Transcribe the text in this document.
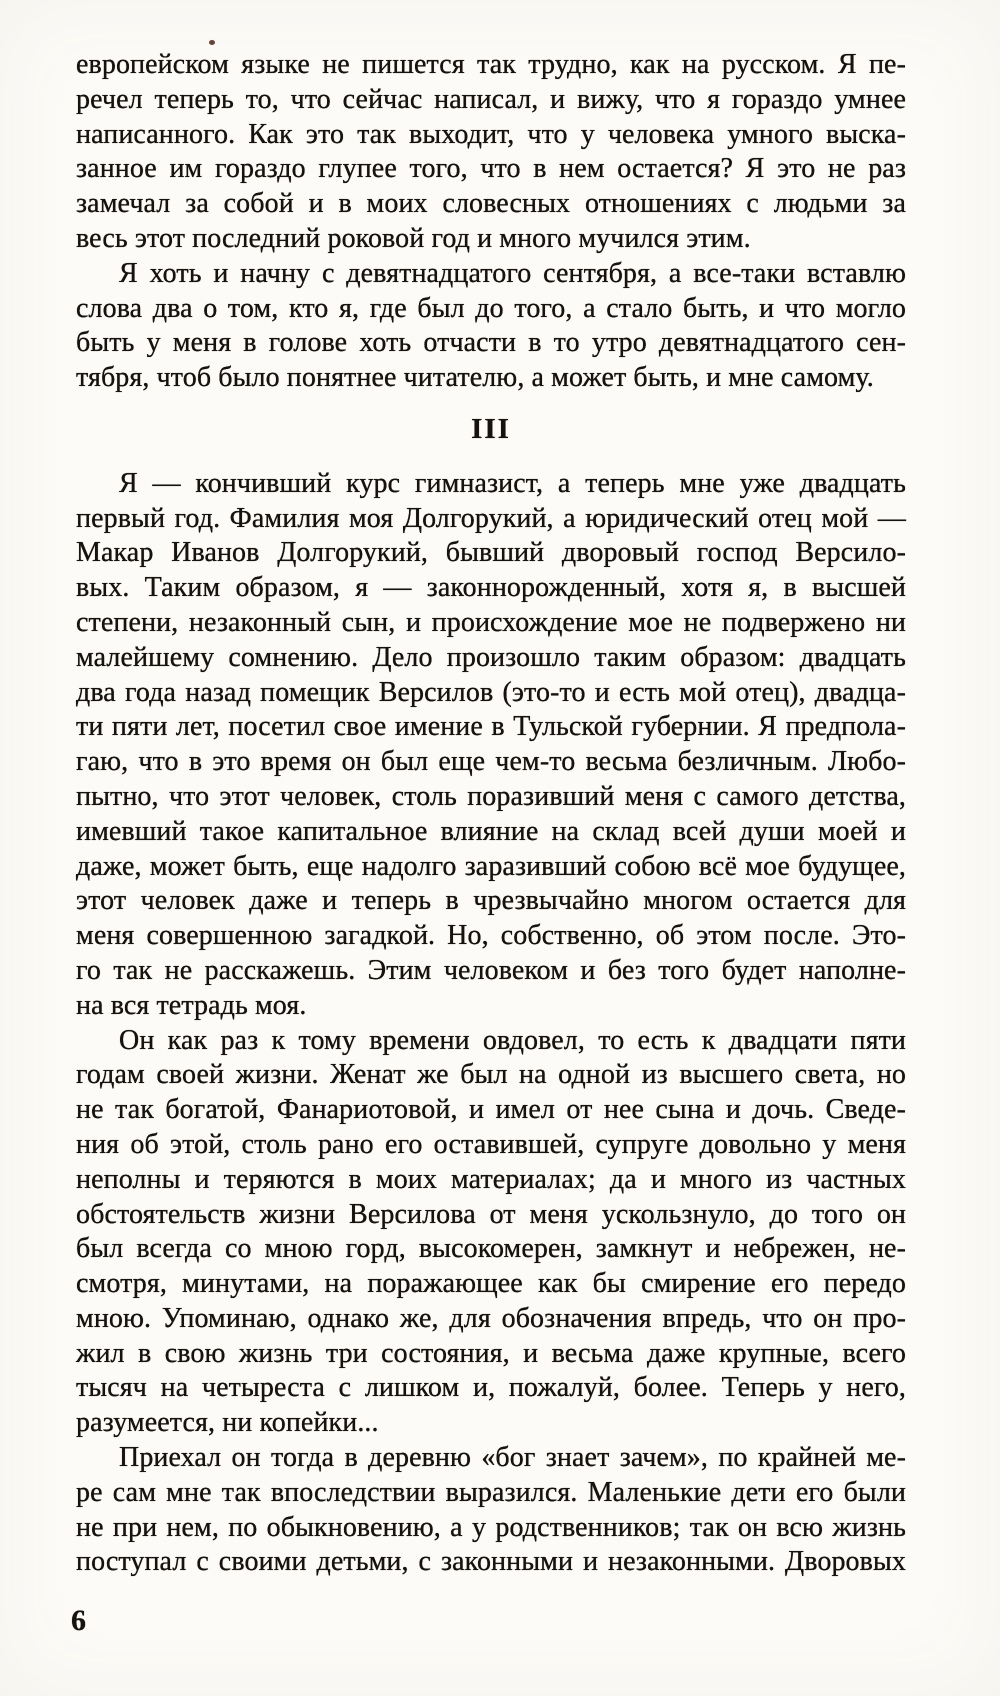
европейском языке не пишется так трудно, как на русском. Я пе-
речел теперь то, что сейчас написал, и вижу, что я гораздо умнее
написанного. Как это так выходит, что у человека умного выска-
занное им гораздо глупее того, что в нем остается? Я это не раз
замечал за собой и в моих словесных отношениях с людьми за
весь этот последний роковой год и много мучился этим.
Я хоть и начну с девятнадцатого сентября, а все-таки вставлю
слова два о том, кто я, где был до того, а стало быть, и что могло
быть у меня в голове хоть отчасти в то утро девятнадцатого сен-
тября, чтоб было понятнее читателю, а может быть, и мне самому.
III
Я — кончивший курс гимназист, а теперь мне уже двадцать
первый год. Фамилия моя Долгорукий, а юридический отец мой —
Макар Иванов Долгорукий, бывший дворовый господ Версило-
вых. Таким образом, я — законнорожденный, хотя я, в высшей
степени, незаконный сын, и происхождение мое не подвержено ни
малейшему сомнению. Дело произошло таким образом: двадцать
два года назад помещик Версилов (это-то и есть мой отец), двадца-
ти пяти лет, посетил свое имение в Тульской губернии. Я предпола-
гаю, что в это время он был еще чем-то весьма безличным. Любо-
пытно, что этот человек, столь поразивший меня с самого детства,
имевший такое капитальное влияние на склад всей души моей и
даже, может быть, еще надолго заразивший собою всё мое будущее,
этот человек даже и теперь в чрезвычайно многом остается для
меня совершенною загадкой. Но, собственно, об этом после. Это-
го так не расскажешь. Этим человеком и без того будет наполне-
на вся тетрадь моя.
Он как раз к тому времени овдовел, то есть к двадцати пяти
годам своей жизни. Женат же был на одной из высшего света, но
не так богатой, Фанариотовой, и имел от нее сына и дочь. Сведе-
ния об этой, столь рано его оставившей, супруге довольно у меня
неполны и теряются в моих материалах; да и много из частных
обстоятельств жизни Версилова от меня ускользнуло, до того он
был всегда со мною горд, высокомерен, замкнут и небрежен, не-
смотря, минутами, на поражающее как бы смирение его передо
мною. Упоминаю, однако же, для обозначения впредь, что он про-
жил в свою жизнь три состояния, и весьма даже крупные, всего
тысяч на четыреста с лишком и, пожалуй, более. Теперь у него,
разумеется, ни копейки...
Приехал он тогда в деревню «бог знает зачем», по крайней ме-
ре сам мне так впоследствии выразился. Маленькие дети его были
не при нем, по обыкновению, а у родственников; так он всю жизнь
поступал с своими детьми, с законными и незаконными. Дворовых
6
